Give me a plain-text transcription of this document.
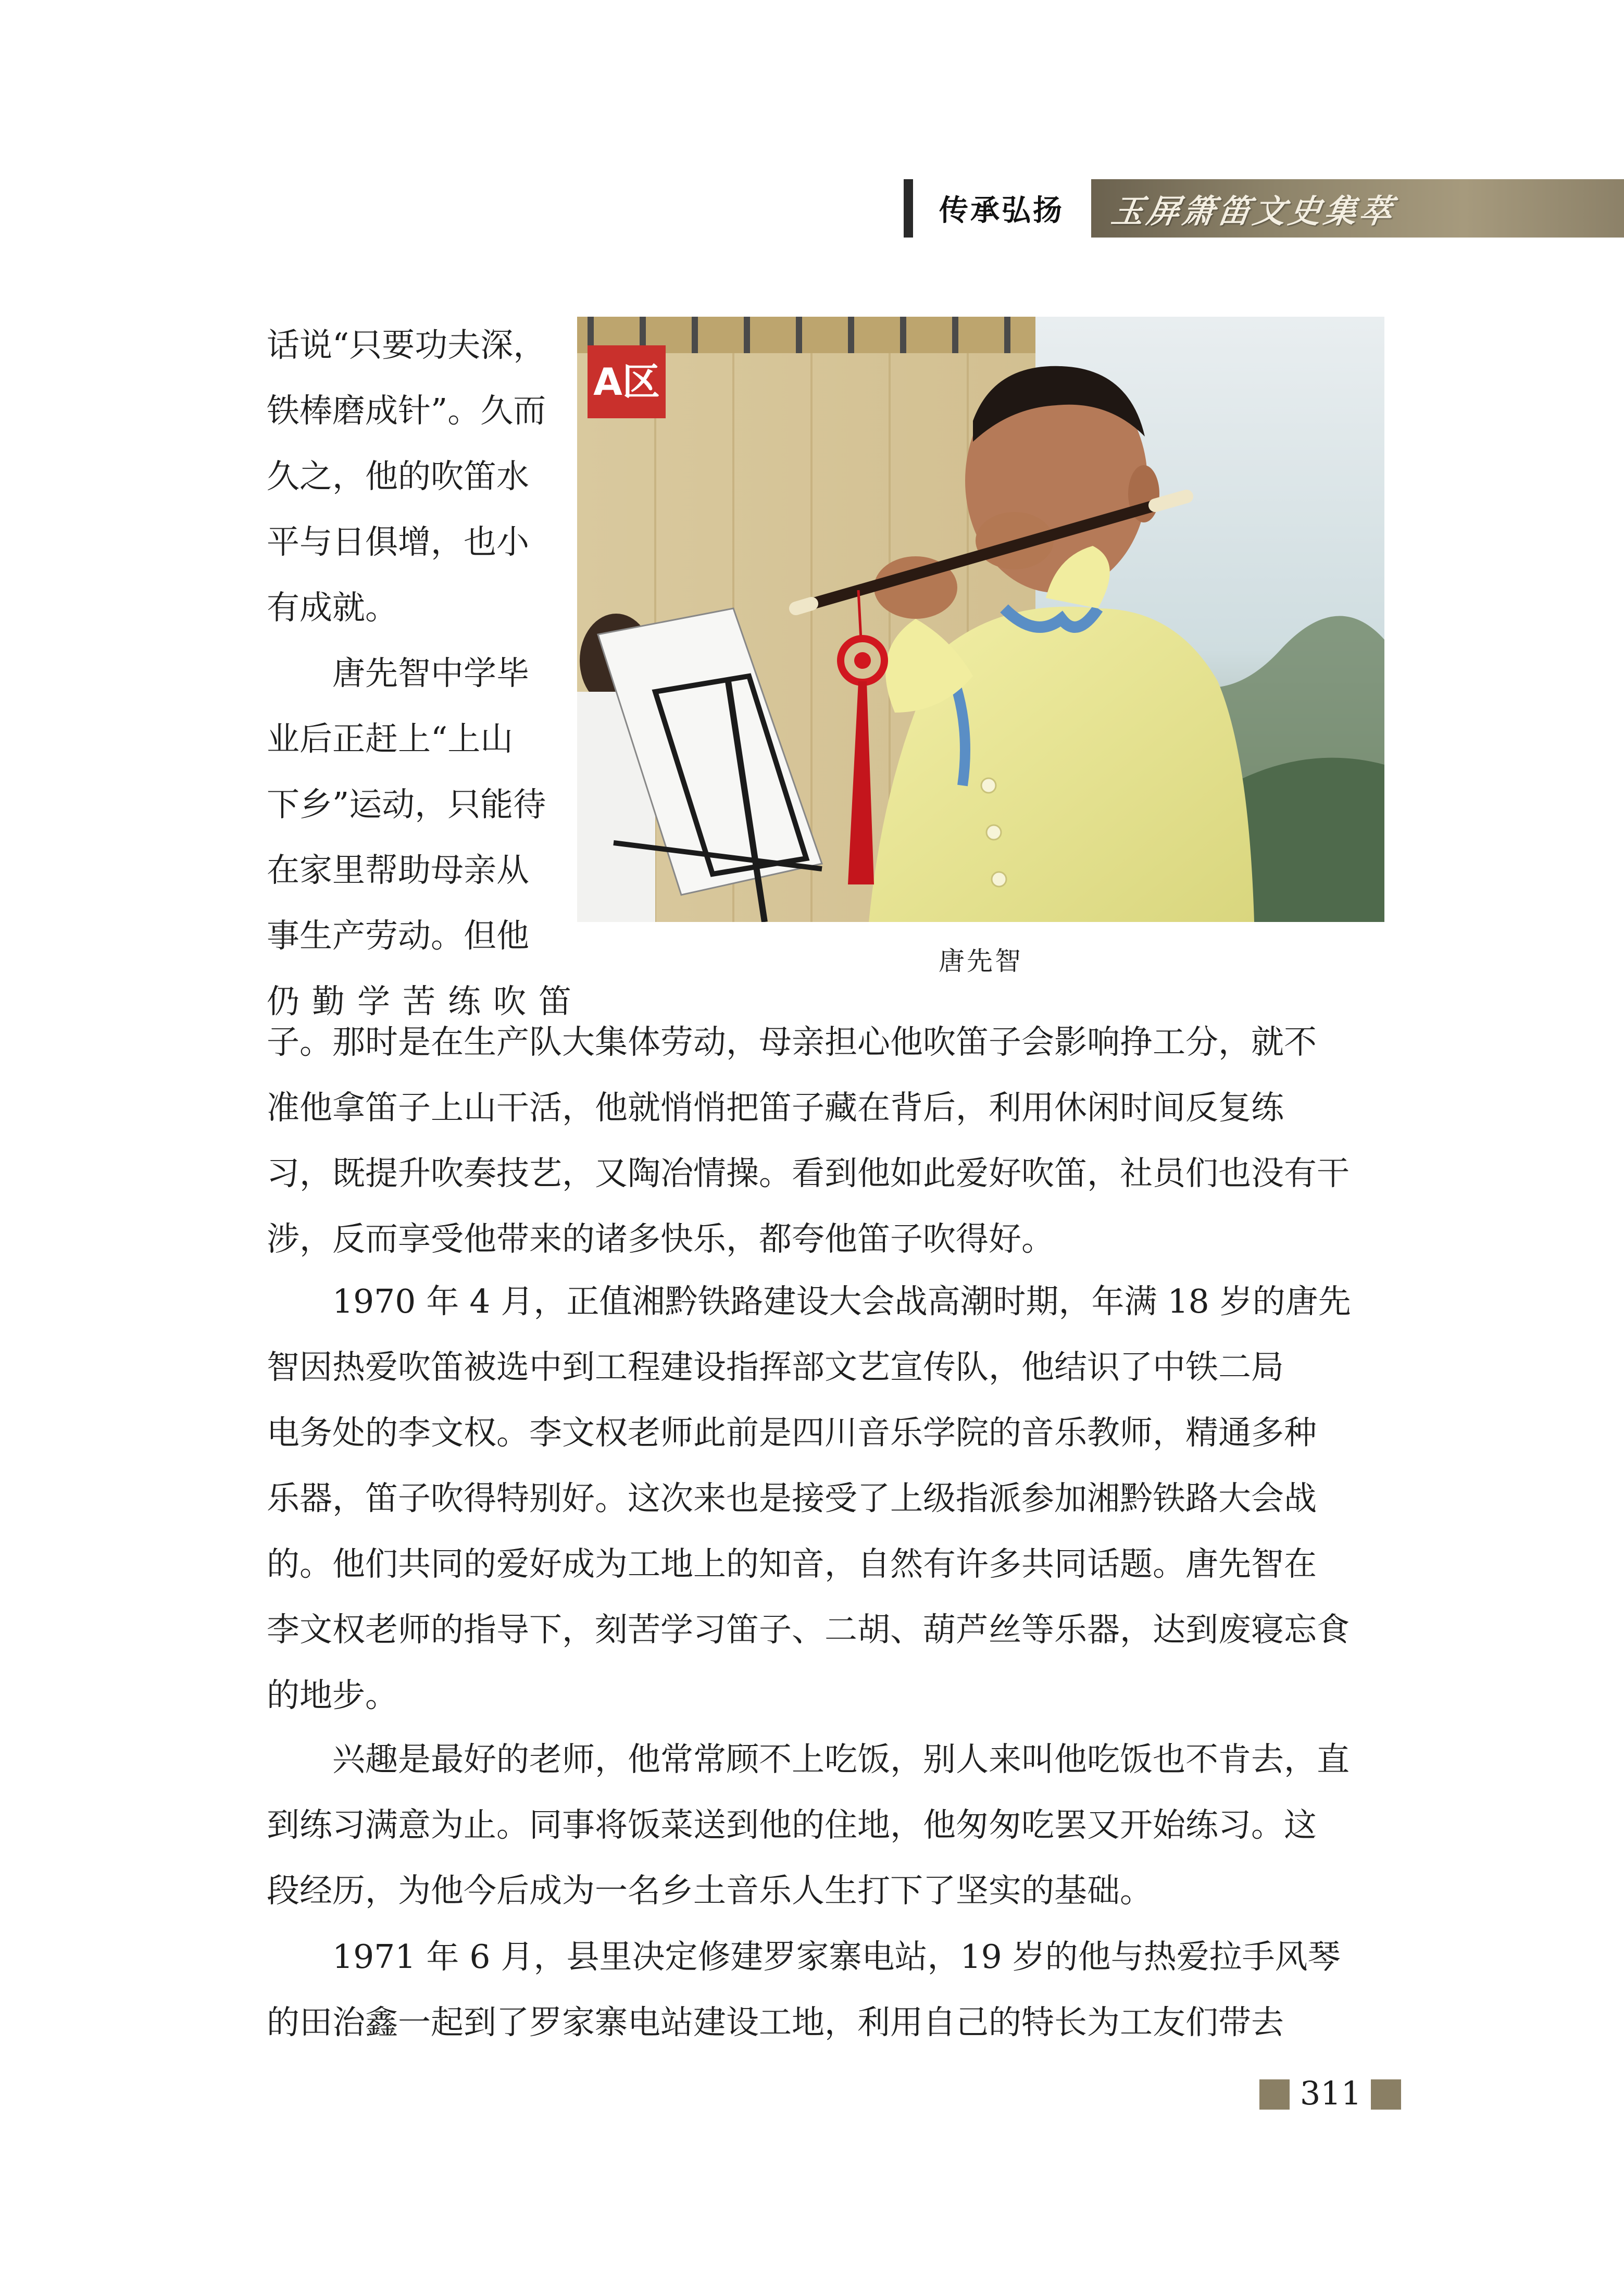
传承弘扬	玉屏箫笛文史集萃
话说“只要功夫深，
铁棒磨成针”。久而
久之，他的吹笛水
平与日俱增，也小
有成就。
唐先智中学毕
业后正赶上“上山
下乡”运动，只能待
在家里帮助母亲从
事生产劳动。但他
仍勤学苦练吹笛
A区
唐先智
子。那时是在生产队大集体劳动，母亲担心他吹笛子会影响挣工分，就不
准他拿笛子上山干活，他就悄悄把笛子藏在背后，利用休闲时间反复练
习，既提升吹奏技艺，又陶冶情操。看到他如此爱好吹笛，社员们也没有干
涉，反而享受他带来的诸多快乐，都夸他笛子吹得好。
1970 年 4 月，正值湘黔铁路建设大会战高潮时期，年满 18 岁的唐先
智因热爱吹笛被选中到工程建设指挥部文艺宣传队，他结识了中铁二局
电务处的李文权。李文权老师此前是四川音乐学院的音乐教师，精通多种
乐器，笛子吹得特别好。这次来也是接受了上级指派参加湘黔铁路大会战
的。他们共同的爱好成为工地上的知音，自然有许多共同话题。唐先智在
李文权老师的指导下，刻苦学习笛子、二胡、葫芦丝等乐器，达到废寝忘食
的地步。
兴趣是最好的老师，他常常顾不上吃饭，别人来叫他吃饭也不肯去，直
到练习满意为止。同事将饭菜送到他的住地，他匆匆吃罢又开始练习。这
段经历，为他今后成为一名乡土音乐人生打下了坚实的基础。
1971 年 6 月，县里决定修建罗家寨电站，19 岁的他与热爱拉手风琴
的田治鑫一起到了罗家寨电站建设工地，利用自己的特长为工友们带去
311
